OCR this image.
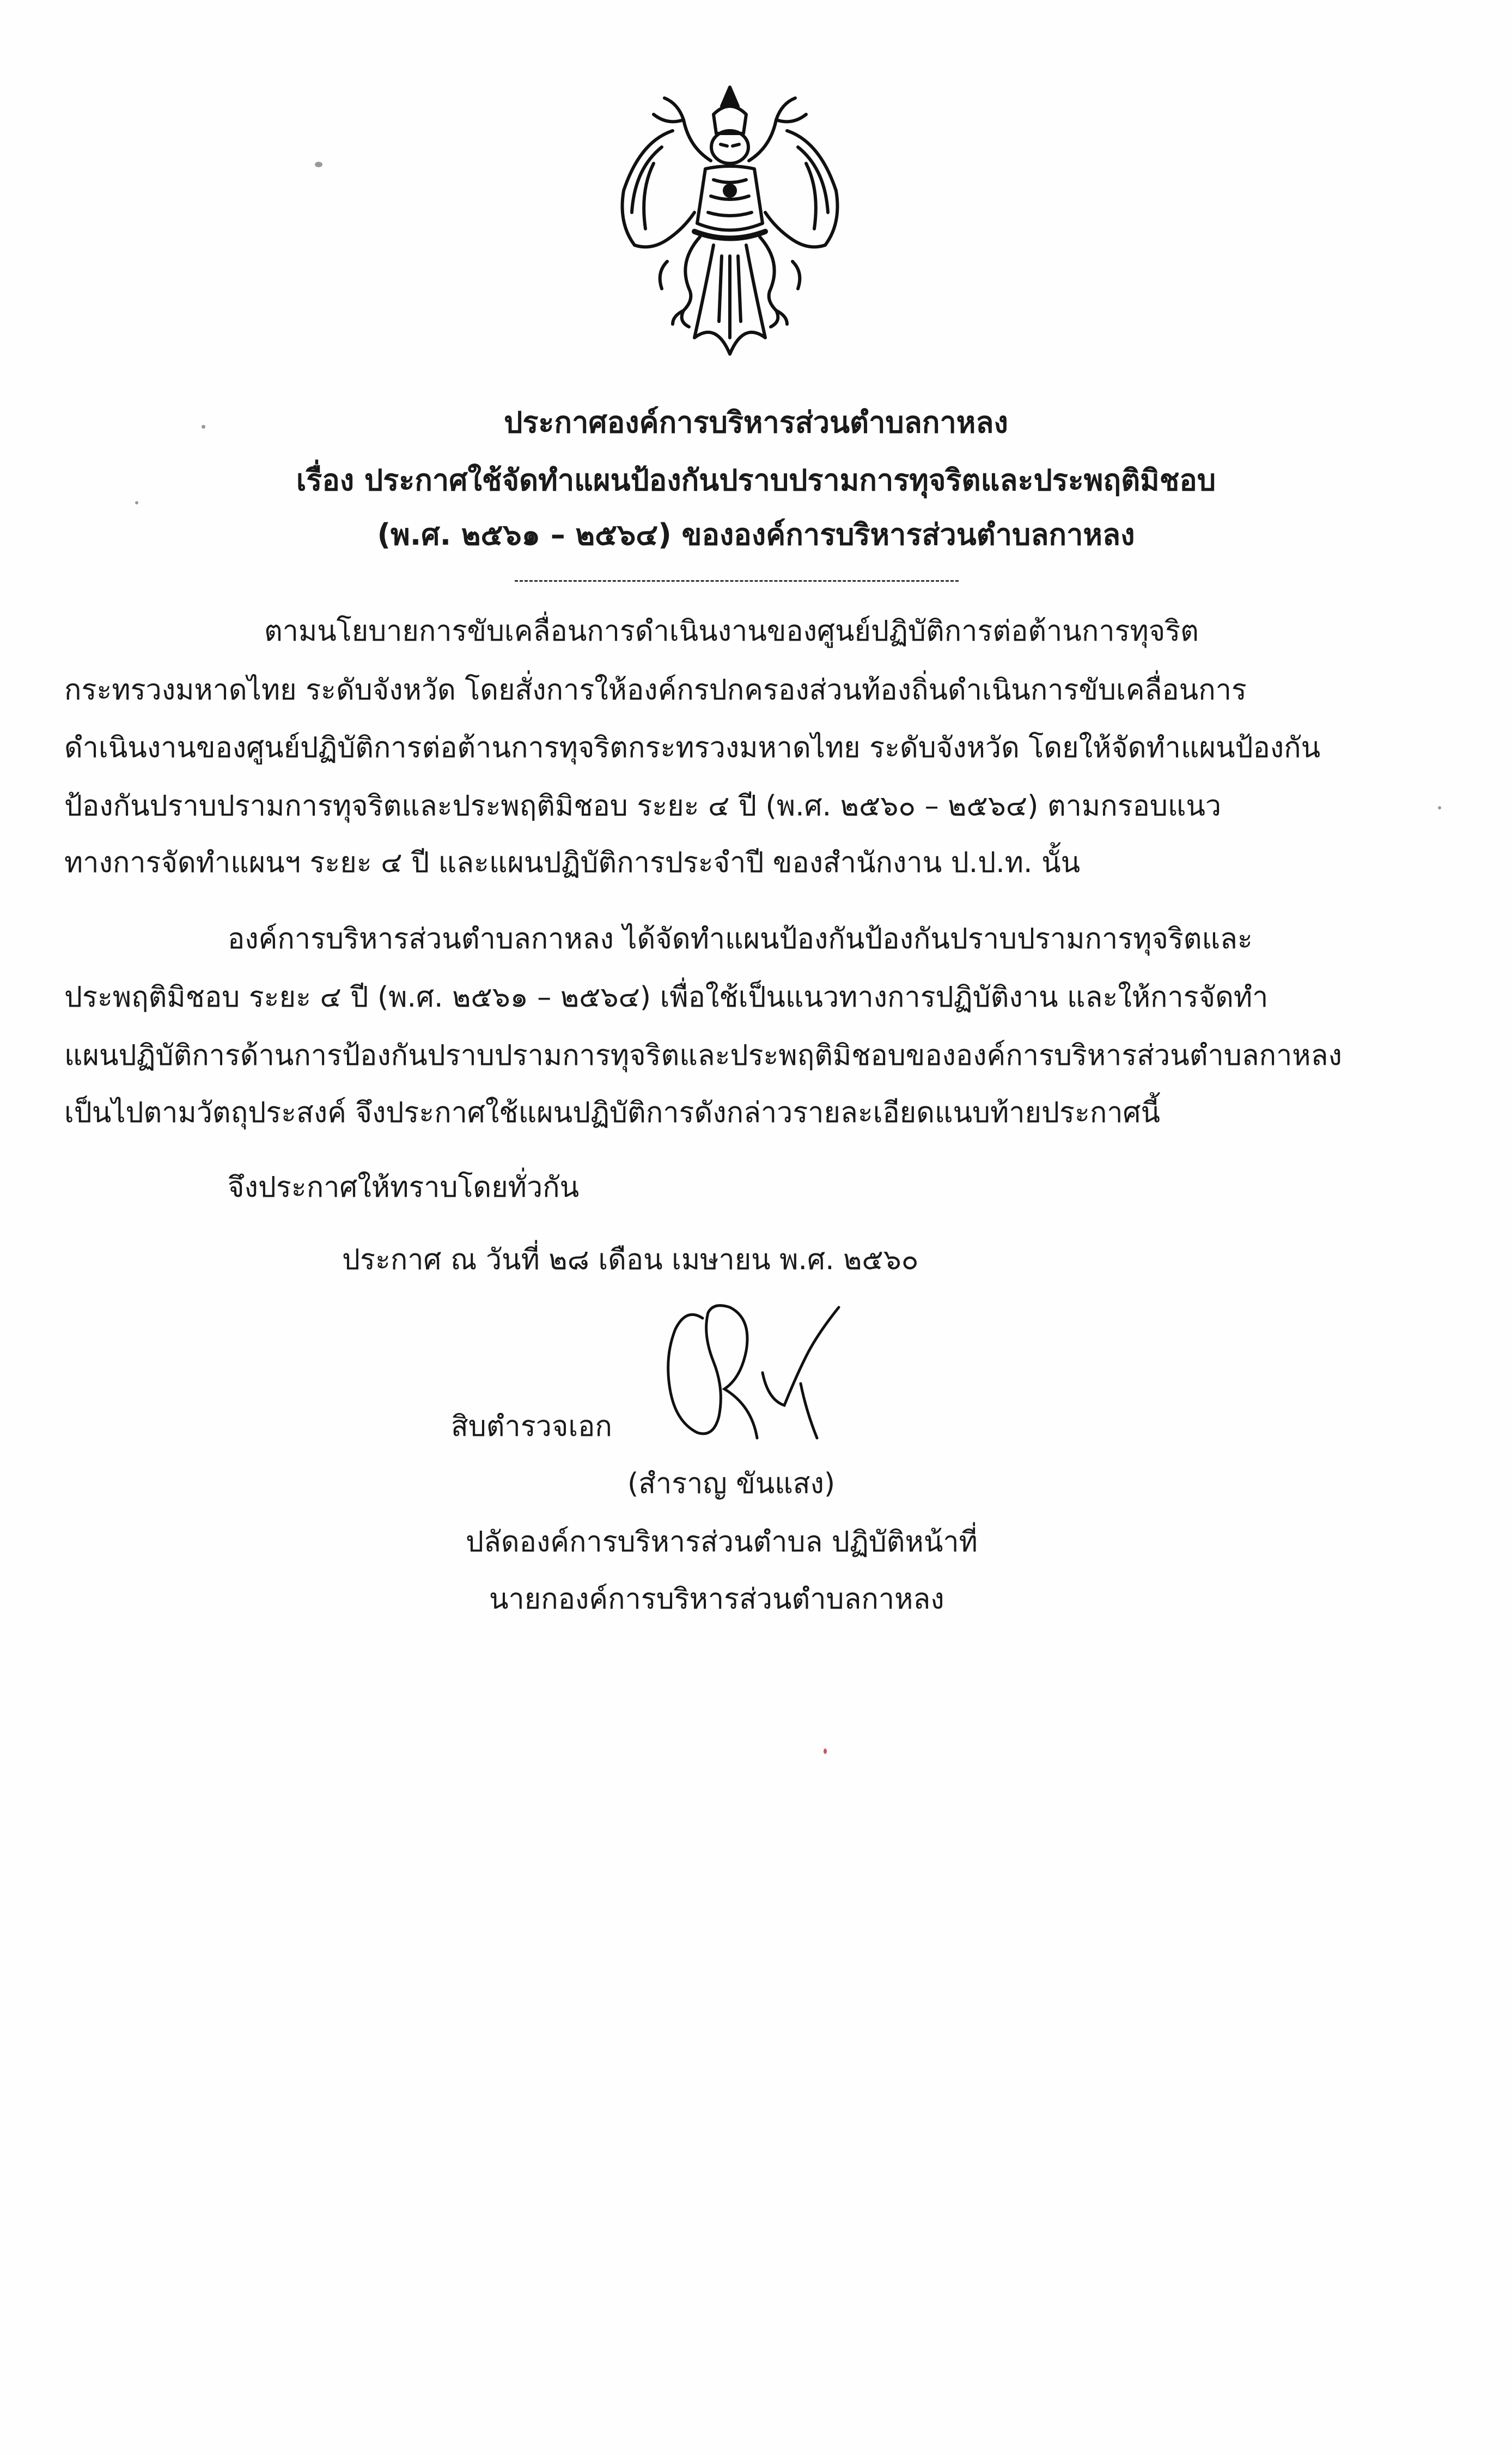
ประกาศองค์การบริหารส่วนตำบลกาหลง
เรื่อง ประกาศใช้จัดทำแผนป้องกันปราบปรามการทุจริตและประพฤติมิชอบ
(พ.ศ. ๒๕๖๑ – ๒๕๖๔) ขององค์การบริหารส่วนตำบลกาหลง
ตามนโยบายการขับเคลื่อนการดำเนินงานของศูนย์ปฏิบัติการต่อต้านการทุจริต
กระทรวงมหาดไทย ระดับจังหวัด โดยสั่งการให้องค์กรปกครองส่วนท้องถิ่นดำเนินการขับเคลื่อนการ
ดำเนินงานของศูนย์ปฏิบัติการต่อต้านการทุจริตกระทรวงมหาดไทย ระดับจังหวัด โดยให้จัดทำแผนป้องกัน
ป้องกันปราบปรามการทุจริตและประพฤติมิชอบ ระยะ ๔ ปี (พ.ศ. ๒๕๖๐ – ๒๕๖๔) ตามกรอบแนว
ทางการจัดทำแผนฯ ระยะ ๔ ปี และแผนปฏิบัติการประจำปี ของสำนักงาน ป.ป.ท. นั้น
องค์การบริหารส่วนตำบลกาหลง ได้จัดทำแผนป้องกันป้องกันปราบปรามการทุจริตและ
ประพฤติมิชอบ ระยะ ๔ ปี (พ.ศ. ๒๕๖๑ – ๒๕๖๔) เพื่อใช้เป็นแนวทางการปฏิบัติงาน และให้การจัดทำ
แผนปฏิบัติการด้านการป้องกันปราบปรามการทุจริตและประพฤติมิชอบขององค์การบริหารส่วนตำบลกาหลง
เป็นไปตามวัตถุประสงค์ จึงประกาศใช้แผนปฏิบัติการดังกล่าวรายละเอียดแนบท้ายประกาศนี้
จึงประกาศให้ทราบโดยทั่วกัน
ประกาศ ณ วันที่ ๒๘ เดือน เมษายน พ.ศ. ๒๕๖๐
สิบตำรวจเอก
(สำราญ ขันแสง)
ปลัดองค์การบริหารส่วนตำบล ปฏิบัติหน้าที่
นายกองค์การบริหารส่วนตำบลกาหลง
